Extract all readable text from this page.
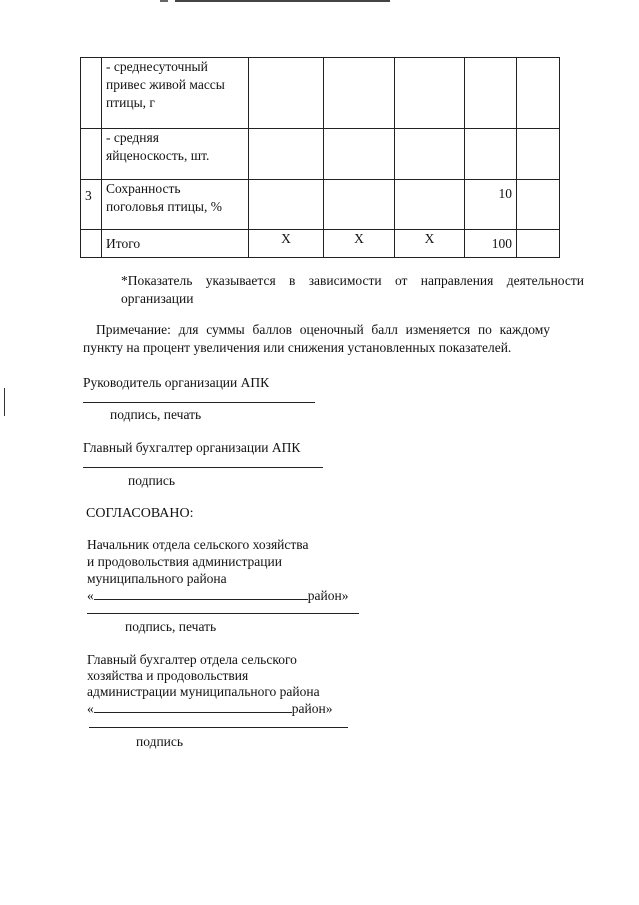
	- среднесуточный
привес живой массы
птицы, г					

	- средняя
яйценоскость, шт.					

3	Сохранность
поголовья птицы, %				10	

	Итого	Х	Х	Х	100	
*Показатель указывается в зависимости от направления деятельности
организации
Примечание: для суммы баллов оценочный балл изменяется по каждому
пункту на процент увеличения или снижения установленных показателей.
Руководитель организации АПК
подпись, печать
Главный бухгалтер организации АПК
подпись
СОГЛАСОВАНО:
Начальник отдела сельского хозяйства
и продовольствия администрации
муниципального района
«	район»
подпись, печать
Главный бухгалтер отдела сельского
хозяйства и продовольствия
администрации муниципального района
«	район»
подпись
